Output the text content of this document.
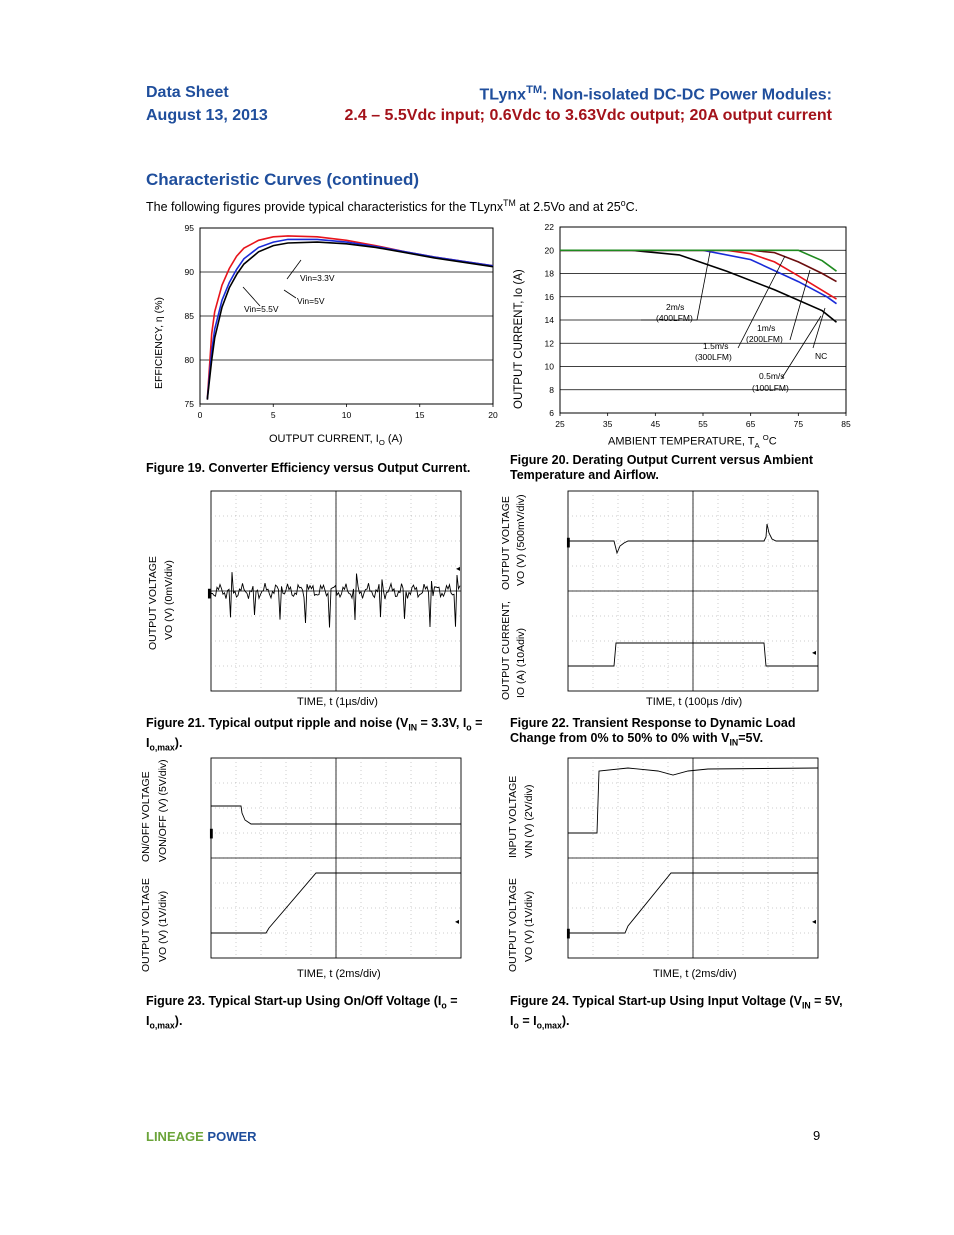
Data Sheet
August 13, 2013
TLynx™: Non-isolated DC-DC Power Modules:
2.4 – 5.5Vdc input; 0.6Vdc to 3.63Vdc output; 20A output current
Characteristic Curves (continued)
The following figures provide typical characteristics for the TLynx™ at 2.5Vo and at 25$^o$C.
75
80
85
90
95
0	5	10	15	20
Vin=3.3V
Vin=5V
Vin=5.5V
EFFICIENCY, η (%)
OUTPUT CURRENT, $I_O$ (A)
Figure 19. Converter Efficiency versus Output Current.
6
8
10
12
14
16
18
20
22
25	35	45	55	65	75	85
2m/s
(400LFM)
1.5m/s
(300LFM)
1m/s
(200LFM)
0.5m/s
(100LFM)
NC
OUTPUT CURRENT, Io (A)
AMBIENT TEMPERATURE, $T_A$ $^O$C
Figure 20. Derating Output Current versus Ambient Temperature and Airflow.
▐
◂
OUTPUT VOLTAGE VO (V) (0mV/div)
TIME, t (1µs/div)
Figure 21. Typical output ripple and noise ($V_{IN} = 3.3V$, $I_o = I_{o,max}$).
▐
◂
OUTPUT VOLTAGE VO (V) (500mV/div)
OUTPUT CURRENT, IO (A) (10Adiv)
TIME, t (100µs /div)
Figure 22. Transient Response to Dynamic Load Change from 0% to 50% to 0% with $V_{IN}=5V$.
▐
◂
ON/OFF VOLTAGE VON/OFF (V) (5V/div)
OUTPUT VOLTAGE VO (V) (1V/div)
TIME, t (2ms/div)
Figure 23. Typical Start-up Using On/Off Voltage $(I_o = I_{o,max})$.
▐
◂
INPUT VOLTAGE VIN (V) (2V/div)
OUTPUT VOLTAGE VO (V) (1V/div)
TIME, t (2ms/div)
Figure 24. Typical Start-up Using Input Voltage ($V_{IN} = 5V$, $I_o = I_{o,max}$).
LINEAGE POWER	9
